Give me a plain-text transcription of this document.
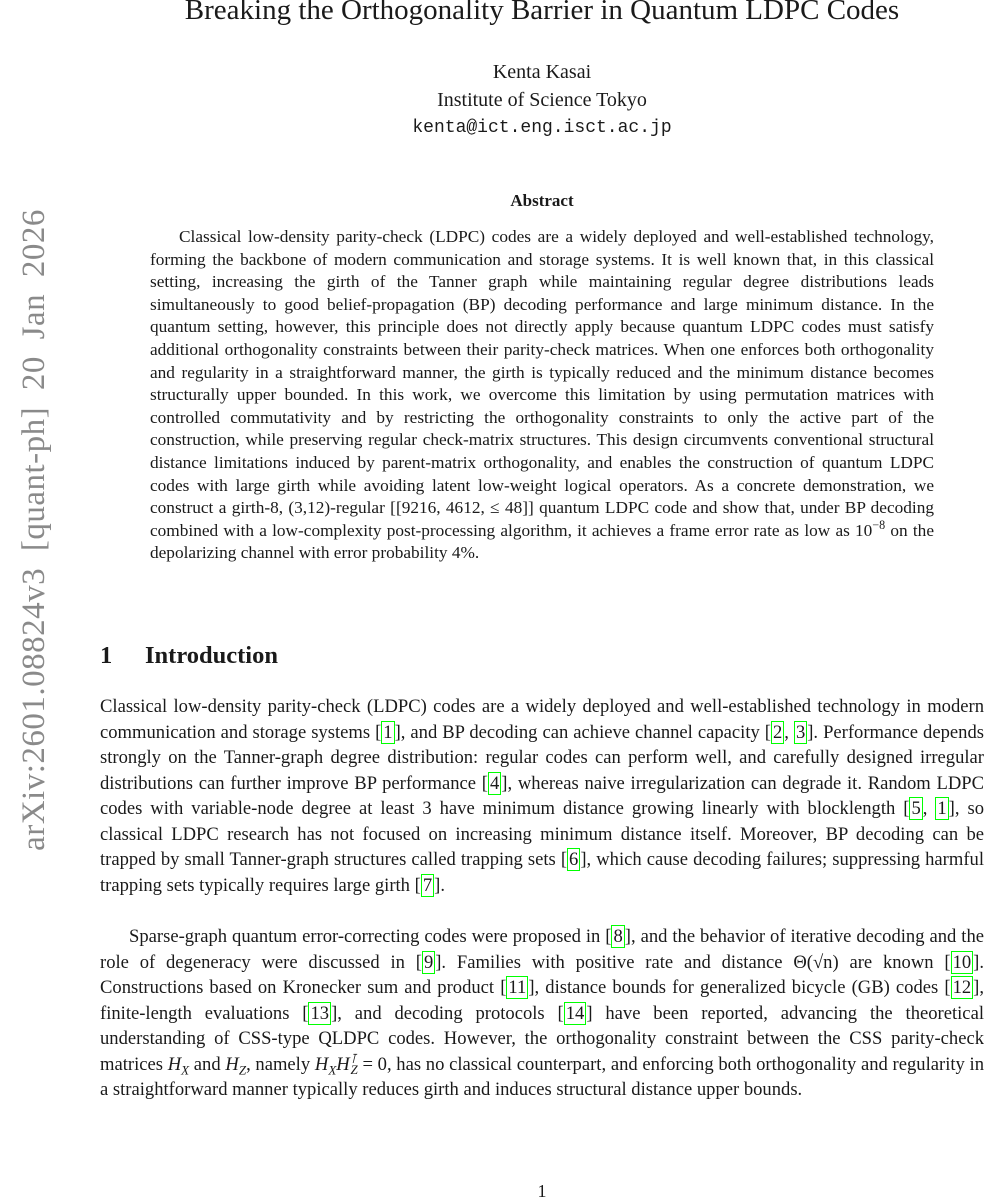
arXiv:2601.08824v3 [quant-ph] 20 Jan 2026
Breaking the Orthogonality Barrier in Quantum LDPC Codes
Kenta Kasai
Institute of Science Tokyo
kenta@ict.eng.isct.ac.jp
Abstract

Classical low-density parity-check (LDPC) codes are a widely deployed and well-established technology, forming the backbone of modern communication and storage systems. It is well known that, in this classical setting, increasing the girth of the Tanner graph while maintaining regular degree distributions leads simultaneously to good belief-propagation (BP) decoding performance and large minimum distance. In the quantum setting, however, this principle does not directly apply because quantum LDPC codes must satisfy additional orthogonality constraints between their parity-check matrices. When one enforces both orthogonality and regularity in a straightforward manner, the girth is typically reduced and the minimum distance becomes structurally upper bounded. In this work, we overcome this limitation by using permutation matrices with controlled commutativity and by restricting the orthogonality constraints to only the active part of the construction, while preserving regular check-matrix structures. This design circumvents conventional structural distance limitations induced by parent-matrix orthogonality, and enables the construction of quantum LDPC codes with large girth while avoiding latent low-weight logical operators. As a concrete demonstration, we construct a girth-8, (3,12)-regular [[9216, 4612, ≤ 48]] quantum LDPC code and show that, under BP decoding combined with a low-complexity post-processing algorithm, it achieves a frame error rate as low as $10^{-8}$ on the depolarizing channel with error probability 4%.

1 Introduction

Classical low-density parity-check (LDPC) codes are a widely deployed and well-established technology in modern communication and storage systems [ 1 ], and BP decoding can achieve channel capacity [ 2 , 3 ]. Performance depends strongly on the Tanner-graph degree distribution: regular codes can perform well, and carefully designed irregular distributions can further improve BP performance [ 4 ], whereas naive irregularization can degrade it. Random LDPC codes with variable-node degree at least 3 have minimum distance growing linearly with blocklength [ 5 , 1 ], so classical LDPC research has not focused on increasing minimum distance itself. Moreover, BP decoding can be trapped by small Tanner-graph structures called trapping sets [ 6 ], which cause decoding failures; suppressing harmful trapping sets typically requires large girth [ 7 ].

Sparse-graph quantum error-correcting codes were proposed in [ 8 ], and the behavior of iterative decoding and the role of degeneracy were discussed in [ 9 ]. Families with positive rate and distance Θ(√n) are known [ 10 ]. Constructions based on Kronecker sum and product [ 11 ], distance bounds for generalized bicycle (GB) codes [ 12 ], finite-length evaluations [ 13 ], and decoding protocols [ 14 ] have been reported, advancing the theoretical understanding of CSS-type QLDPC codes. However, the orthogonality constraint between the CSS parity-check matrices $H_X$ and $H_Z$, namely $H_XH^⊺_Z = 0$, has no classical counterpart, and enforcing both orthogonality and regularity in a straightforward manner typically reduces girth and induces structural distance upper bounds.

1
